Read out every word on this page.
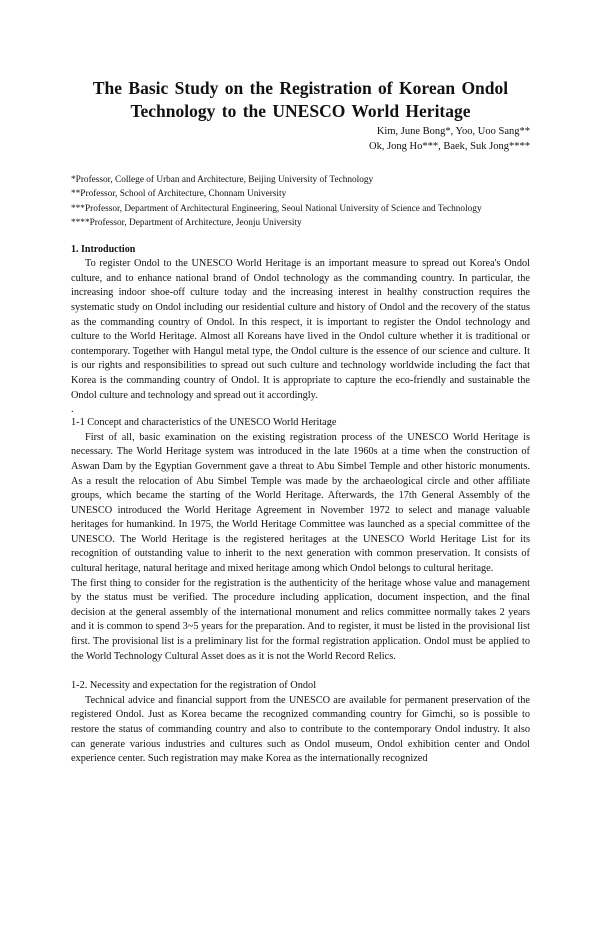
The Basic Study on the Registration of Korean Ondol
Technology to the UNESCO World Heritage
Kim, June Bong*, Yoo, Uoo Sang**
Ok, Jong Ho***, Baek, Suk Jong****
*Professor, College of Urban and Architecture, Beijing University of Technology
**Professor, School of Architecture, Chonnam University
***Professor, Department of Architectural Engineering, Seoul National University of Science and Technology
****Professor, Department of Architecture, Jeonju University
1. Introduction

To register Ondol to the UNESCO World Heritage is an important measure to spread out Korea's Ondol culture, and to enhance national brand of Ondol technology as the commanding country. In particular, the increasing indoor shoe-off culture today and the increasing interest in healthy construction requires the systematic study on Ondol including our residential culture and history of Ondol and the recovery of the status as the commanding country of Ondol. In this respect, it is important to register the Ondol technology and culture to the World Heritage. Almost all Koreans have lived in the Ondol culture whether it is traditional or contemporary. Together with Hangul metal type, the Ondol culture is the essence of our science and culture. It is our rights and responsibilities to spread out such culture and technology worldwide including the fact that Korea is the commanding country of Ondol. It is appropriate to capture the eco-friendly and sustainable the Ondol culture and technology and spread out it accordingly.

.
1-1 Concept and characteristics of the UNESCO World Heritage

First of all, basic examination on the existing registration process of the UNESCO World Heritage is necessary. The World Heritage system was introduced in the late 1960s at a time when the construction of Aswan Dam by the Egyptian Government gave a threat to Abu Simbel Temple and other historic monuments. As a result the relocation of Abu Simbel Temple was made by the archaeological circle and other affiliate groups, which became the starting of the World Heritage. Afterwards, the 17th General Assembly of the UNESCO introduced the World Heritage Agreement in November 1972 to select and manage valuable heritages for humankind. In 1975, the World Heritage Committee was launched as a special committee of the UNESCO. The World Heritage is the registered heritages at the UNESCO World Heritage List for its recognition of outstanding value to inherit to the next generation with common preservation. It consists of cultural heritage, natural heritage and mixed heritage among which Ondol belongs to cultural heritage.

The first thing to consider for the registration is the authenticity of the heritage whose value and management by the status must be verified. The procedure including application, document inspection, and the final decision at the general assembly of the international monument and relics committee normally takes 2 years and it is common to spend 3~5 years for the preparation. And to register, it must be listed in the provisional list first. The provisional list is a preliminary list for the formal registration application. Ondol must be applied to the World Technology Cultural Asset does as it is not the World Record Relics.

1-2. Necessity and expectation for the registration of Ondol

Technical advice and financial support from the UNESCO are available for permanent preservation of the registered Ondol. Just as Korea became the recognized commanding country for Gimchi, so is possible to restore the status of commanding country and also to contribute to the contemporary Ondol industry. It also can generate various industries and cultures such as Ondol museum, Ondol exhibition center and Ondol experience center. Such registration may make Korea as the internationally recognized
